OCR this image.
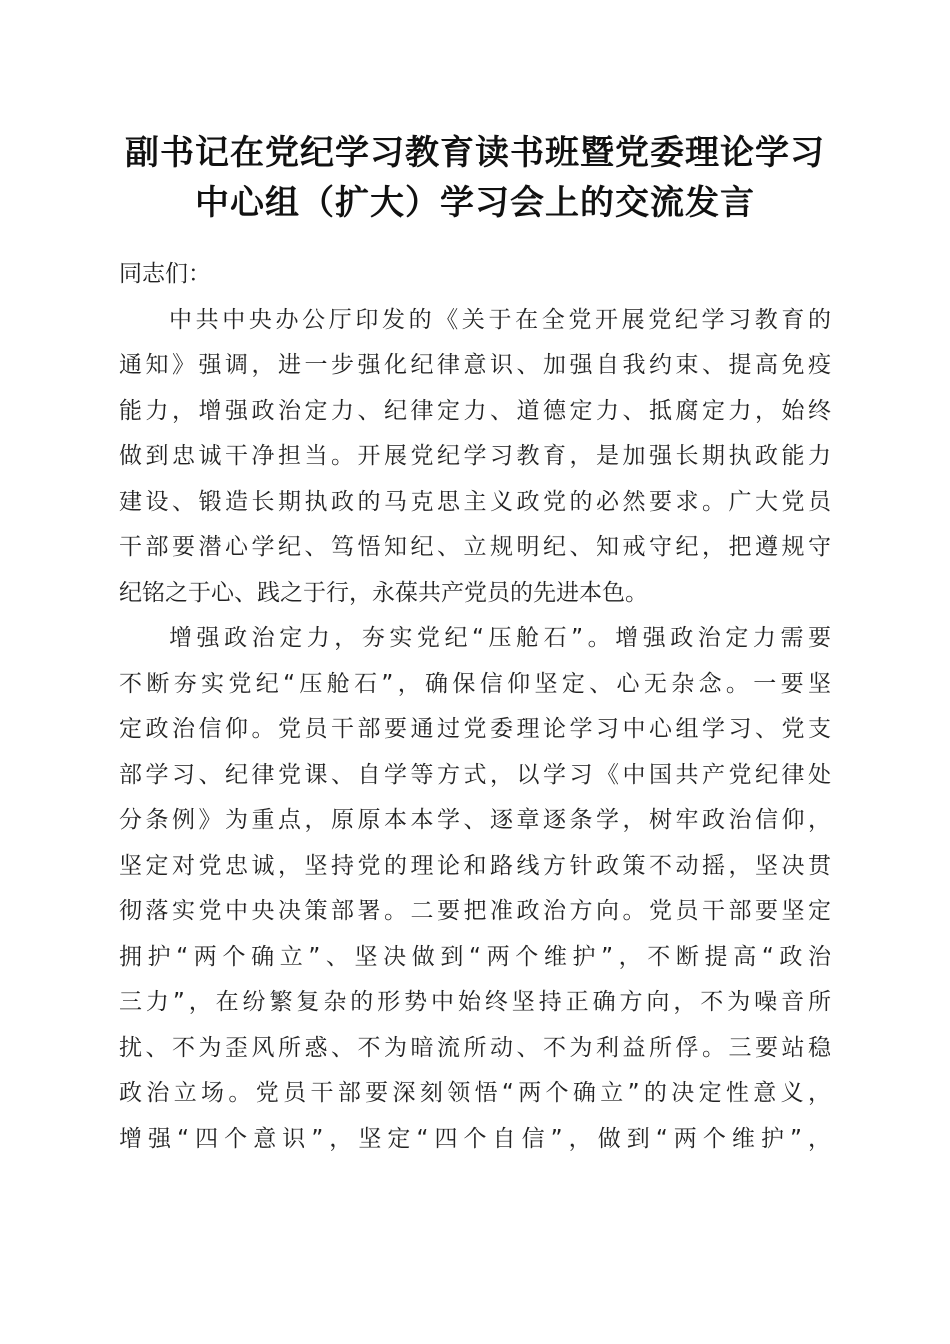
副书记在党纪学习教育读书班暨党委理论学习
中心组（扩大）学习会上的交流发言
同志们：
中共中央办公厅印发的《关于在全党开展党纪学习教育的
通知》强调，进一步强化纪律意识、加强自我约束、提高免疫
能力，增强政治定力、纪律定力、道德定力、抵腐定力，始终
做到忠诚干净担当。开展党纪学习教育，是加强长期执政能力
建设、锻造长期执政的马克思主义政党的必然要求。广大党员
干部要潜心学纪、笃悟知纪、立规明纪、知戒守纪，把遵规守
纪铭之于心、践之于行，永葆共产党员的先进本色。
增强政治定力，夯实党纪“压舱石”。增强政治定力需要
不断夯实党纪“压舱石”，确保信仰坚定、心无杂念。一要坚
定政治信仰。党员干部要通过党委理论学习中心组学习、党支
部学习、纪律党课、自学等方式，以学习《中国共产党纪律处
分条例》为重点，原原本本学、逐章逐条学，树牢政治信仰，
坚定对党忠诚，坚持党的理论和路线方针政策不动摇，坚决贯
彻落实党中央决策部署。二要把准政治方向。党员干部要坚定
拥护“两个确立”、坚决做到“两个维护”，不断提高“政治
三力”，在纷繁复杂的形势中始终坚持正确方向，不为噪音所
扰、不为歪风所惑、不为暗流所动、不为利益所俘。三要站稳
政治立场。党员干部要深刻领悟“两个确立”的决定性意义，
增强“四个意识”，坚定“四个自信”，做到“两个维护”，
